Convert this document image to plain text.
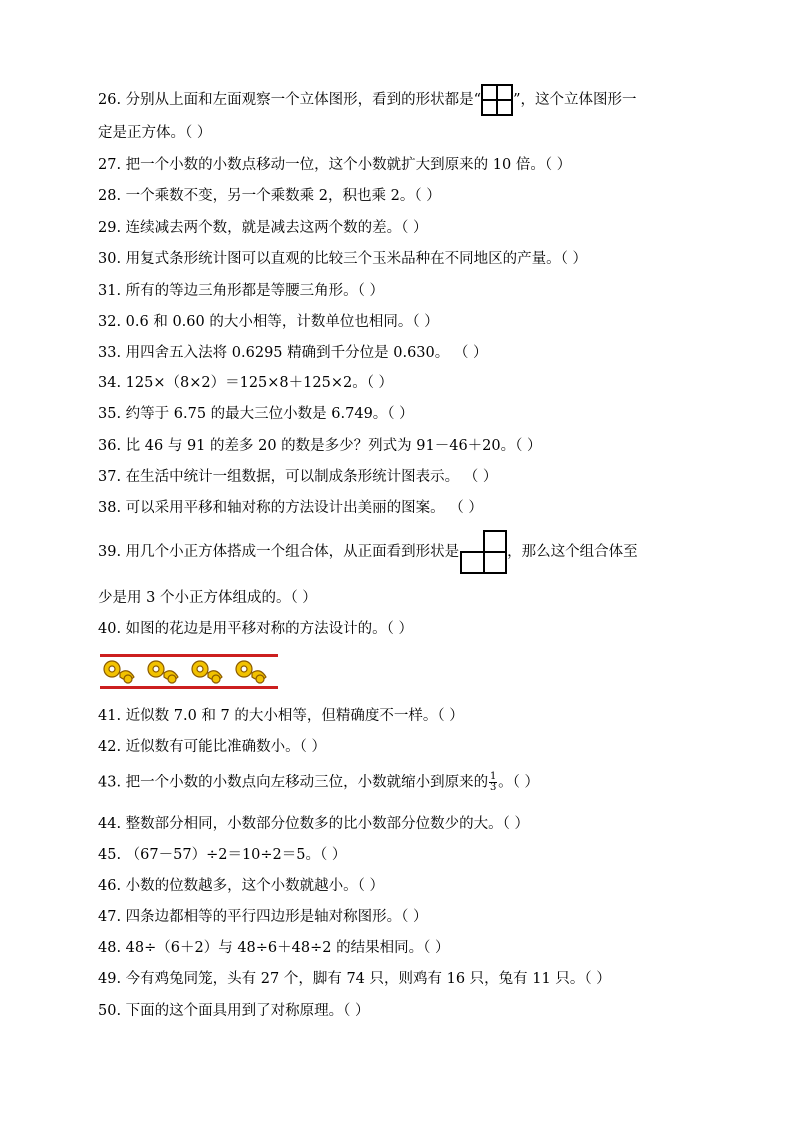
26. 分别从上面和左面观察一个立体图形，看到的形状都是“ ”，这个立体图形一
定是正方体。（ ）
27. 把一个小数的小数点移动一位，这个小数就扩大到原来的 10 倍。（ ）
28. 一个乘数不变，另一个乘数乘 2，积也乘 2。（ ）
29. 连续减去两个数，就是减去这两个数的差。（ ）
30. 用复式条形统计图可以直观的比较三个玉米品种在不同地区的产量。（ ）
31. 所有的等边三角形都是等腰三角形。（ ）
32. 0.6 和 0.60 的大小相等，计数单位也相同。（ ）
33. 用四舍五入法将 0.6295 精确到千分位是 0.630。 （ ）
34. 125×（8×2）＝125×8＋125×2。（ ）
35. 约等于 6.75 的最大三位小数是 6.749。（ ）
36. 比 46 与 91 的差多 20 的数是多少？列式为 91－46＋20。（ ）
37. 在生活中统计一组数据，可以制成条形统计图表示。 （ ）
38. 可以采用平移和轴对称的方法设计出美丽的图案。 （ ）
39. 用几个小正方体搭成一个组合体，从正面看到形状是	，那么这个组合体至
少是用 3 个小正方体组成的。（ ）
40. 如图的花边是用平移对称的方法设计的。（ ）
41. 近似数 7.0 和 7 的大小相等，但精确度不一样。（ ）
42. 近似数有可能比准确数小。（ ）
43. 把一个小数的小数点向左移动三位，小数就缩小到原来的 $\frac{1}{3}$ 。（ ）
44. 整数部分相同，小数部分位数多的比小数部分位数少的大。（ ）
45. （67－57）÷2＝10÷2＝5。（ ）
46. 小数的位数越多，这个小数就越小。（ ）
47. 四条边都相等的平行四边形是轴对称图形。（ ）
48. 48÷（6＋2）与 48÷6＋48÷2 的结果相同。（ ）
49. 今有鸡兔同笼，头有 27 个，脚有 74 只，则鸡有 16 只，兔有 11 只。（ ）
50. 下面的这个面具用到了对称原理。（ ）
